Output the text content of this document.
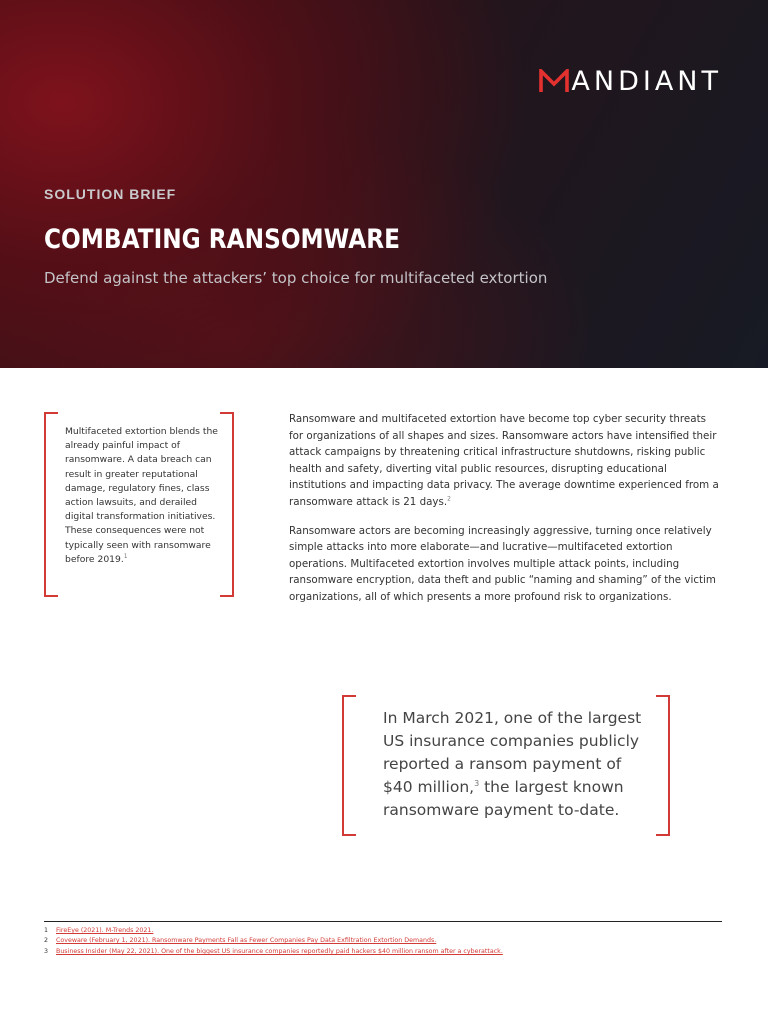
ANDIANT
SOLUTION BRIEF
COMBATING RANSOMWARE
Defend against the attackers’ top choice for multifaceted extortion
Multifaceted extortion blends the already painful impact of ransomware. A data breach can result in greater reputational damage, regulatory fines, class action lawsuits, and derailed digital transformation initiatives. These consequences were not typically seen with ransomware before 2019.$^1$

Ransomware and multifaceted extortion have become top cyber security threats for organizations of all shapes and sizes. Ransomware actors have intensified their attack campaigns by threatening critical infrastructure shutdowns, risking public health and safety, diverting vital public resources, disrupting educational institutions and impacting data privacy. The average downtime experienced from a ransomware attack is 21 days.$^2$

Ransomware actors are becoming increasingly aggressive, turning once relatively simple attacks into more elaborate—and lucrative—multifaceted extortion operations. Multifaceted extortion involves multiple attack points, including ransomware encryption, data theft and public “naming and shaming” of the victim organizations, all of which presents a more profound risk to organizations.

In March 2021, one of the largest US insurance companies publicly reported a ransom payment of $40 million,$^3$ the largest known ransomware payment to-date.
1	FireEye (2021). M-Trends 2021.
2	Coveware (February 1, 2021). Ransomware Payments Fall as Fewer Companies Pay Data Exfiltration Extortion Demands.
3	Business Insider (May 22, 2021). One of the biggest US insurance companies reportedly paid hackers $40 million ransom after a cyberattack.
